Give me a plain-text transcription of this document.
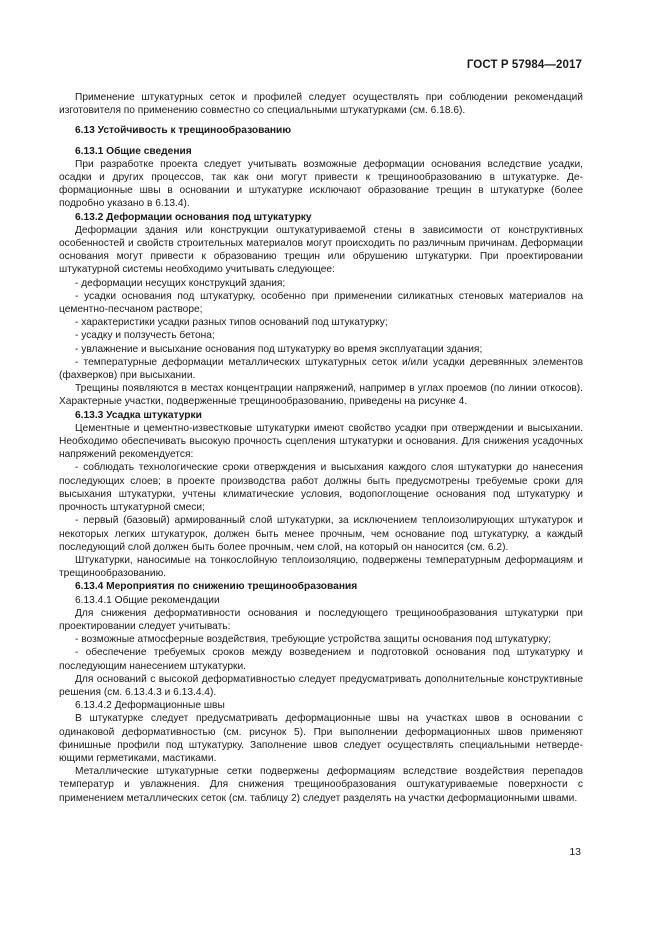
ГОСТ Р 57984—2017

Применение штукатурных сеток и профилей следует осуществлять при соблюдении рекомендаций изготовителя по применению совместно со специальными штукатурками (см. 6.18.6).

6.13 Устойчивость к трещинообразованию

6.13.1 Общие сведения

При разработке проекта следует учитывать возможные деформации основания вследствие усадки, осадки и других процессов, так как они могут привести к трещинообразованию в штукатурке. Деформационные швы в основании и штукатурке исключают образование трещин в штукатурке (более подробно указано в 6.13.4).

6.13.2 Деформации основания под штукатурку

Деформации здания или конструкции оштукатуриваемой стены в зависимости от конструктивных особенностей и свойств строительных материалов могут происходить по различным причинам. Деформации основания могут привести к образованию трещин или обрушению штукатурки. При проектировании штукатурной системы необходимо учитывать следующее:

- деформации несущих конструкций здания;

- усадки основания под штукатурку, особенно при применении силикатных стеновых материалов на цементно-песчаном растворе;

- характеристики усадки разных типов оснований под штукатурку;

- усадку и ползучесть бетона;

- увлажнение и высыхание основания под штукатурку во время эксплуатации здания;

- температурные деформации металлических штукатурных сеток и/или усадки деревянных элементов (фахверков) при высыхании.

Трещины появляются в местах концентрации напряжений, например в углах проемов (по линии откосов). Характерные участки, подверженные трещинообразованию, приведены на рисунке 4.

6.13.3 Усадка штукатурки

Цементные и цементно-известковые штукатурки имеют свойство усадки при отверждении и высыхании. Необходимо обеспечивать высокую прочность сцепления штукатурки и основания. Для снижения усадочных напряжений рекомендуется:

- соблюдать технологические сроки отверждения и высыхания каждого слоя штукатурки до нанесения последующих слоев; в проекте производства работ должны быть предусмотрены требуемые сроки для высыхания штукатурки, учтены климатические условия, водопоглощение основания под штукатурку и прочность штукатурной смеси;

- первый (базовый) армированный слой штукатурки, за исключением теплоизолирующих штукатурок и некоторых легких штукатурок, должен быть менее прочным, чем основание под штукатурку, а каждый последующий слой должен быть более прочным, чем слой, на который он наносится (см. 6.2).

Штукатурки, наносимые на тонкослойную теплоизоляцию, подвержены температурным деформациям и трещинообразованию.

6.13.4 Мероприятия по снижению трещинообразования

6.13.4.1 Общие рекомендации

Для снижения деформативности основания и последующего трещинообразования штукатурки при проектировании следует учитывать:

- возможные атмосферные воздействия, требующие устройства защиты основания под штукатурку;

- обеспечение требуемых сроков между возведением и подготовкой основания под штукатурку и последующим нанесением штукатурки.

Для оснований с высокой деформативностью следует предусматривать дополнительные конструктивные решения (см. 6.13.4.3 и 6.13.4.4).

6.13.4.2 Деформационные швы

В штукатурке следует предусматривать деформационные швы на участках швов в основании с одинаковой деформативностью (см. рисунок 5). При выполнении деформационных швов применяют финишные профили под штукатурку. Заполнение швов следует осуществлять специальными нетвердеющими герметиками, мастиками.

Металлические штукатурные сетки подвержены деформациям вследствие воздействия перепадов температур и увлажнения. Для снижения трещинообразования оштукатуриваемые поверхности с применением металлических сеток (см. таблицу 2) следует разделять на участки деформационными швами.

13
